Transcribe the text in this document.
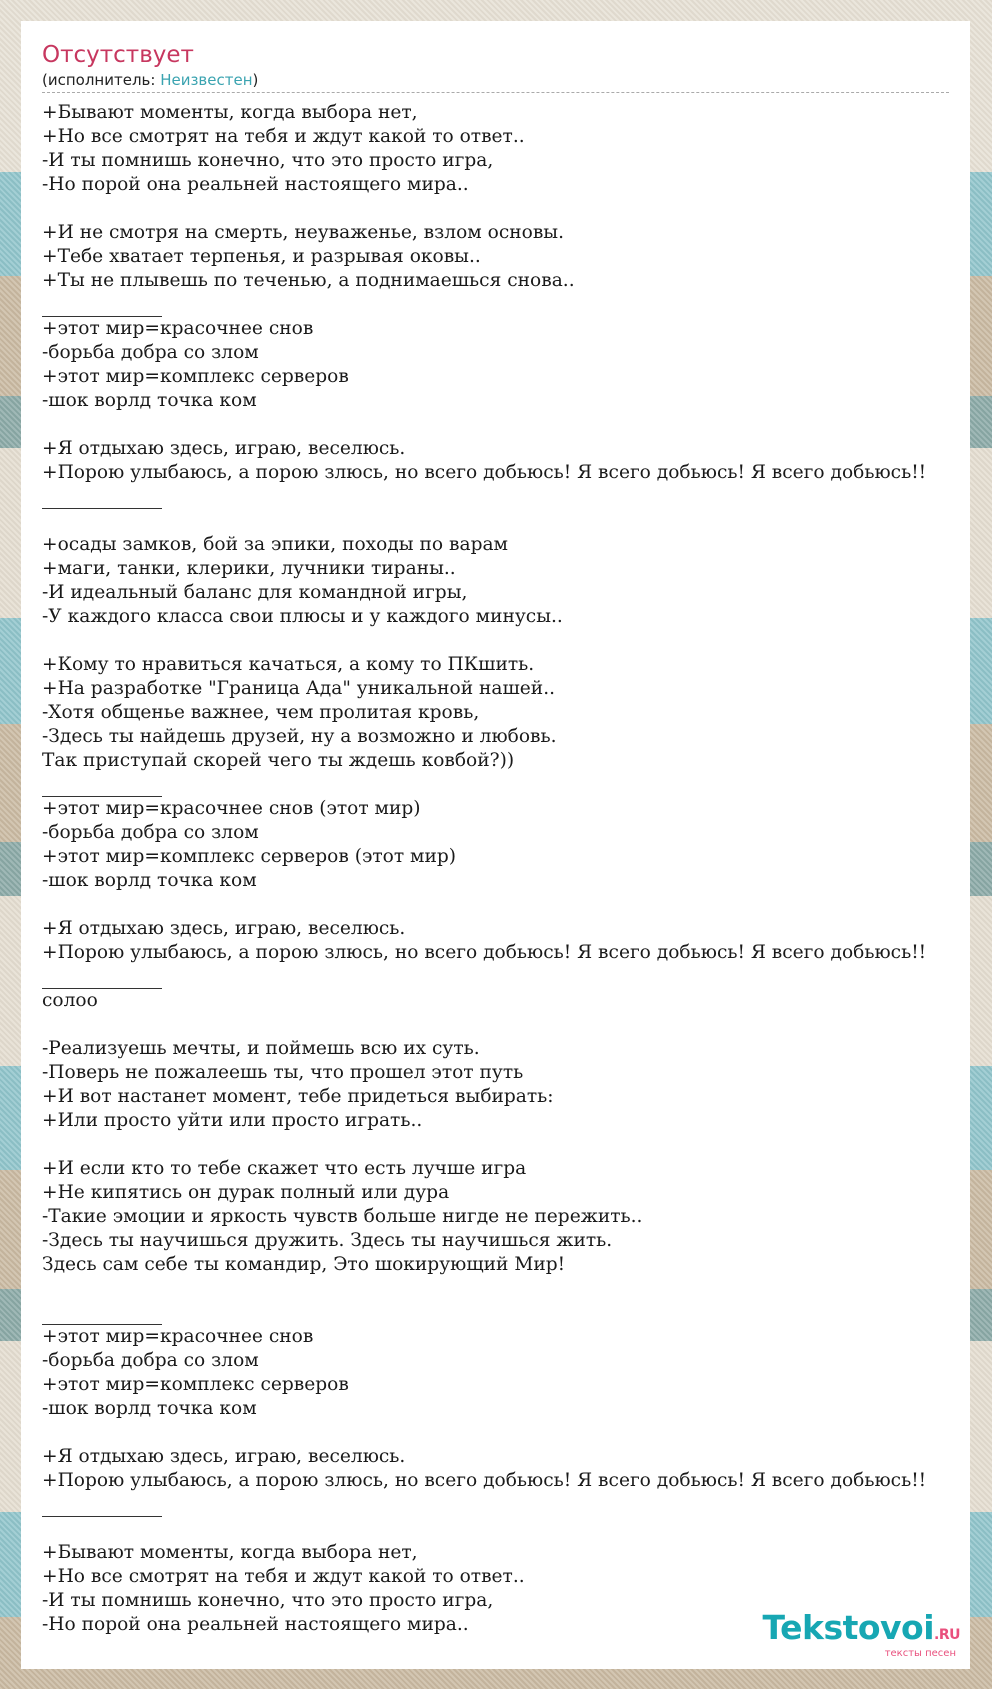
Отсутствует
(исполнитель: Неизвестен)
+Бывают моменты, когда выбора нет,
+Но все смотрят на тебя и ждут какой то ответ..
-И ты помнишь конечно, что это просто игра,
-Но порой она реальней настоящего мира..
+И не смотря на смерть, неуваженье, взлом основы.
+Тебе хватает терпенья, и разрывая оковы..
+Ты не плывешь по теченью, а поднимаешься снова..
+этот мир=красочнее снов
-борьба добра со злом
+этот мир=комплекс серверов
-шок ворлд точка ком
+Я отдыхаю здесь, играю, веселюсь.
+Порою улыбаюсь, а порою злюсь, но всего добьюсь! Я всего добьюсь! Я всего добьюсь!!
+осады замков, бой за эпики, походы по варам
+маги, танки, клерики, лучники тираны..
-И идеальный баланс для командной игры,
-У каждого класса свои плюсы и у каждого минусы..
+Кому то нравиться качаться, а кому то ПКшить.
+На разработке "Граница Ада" уникальной нашей..
-Хотя общенье важнее, чем пролитая кровь,
-Здесь ты найдешь друзей, ну а возможно и любовь.
Так приступай скорей чего ты ждешь ковбой?))
+этот мир=красочнее снов (этот мир)
-борьба добра со злом
+этот мир=комплекс серверов (этот мир)
-шок ворлд точка ком
+Я отдыхаю здесь, играю, веселюсь.
+Порою улыбаюсь, а порою злюсь, но всего добьюсь! Я всего добьюсь! Я всего добьюсь!!
солоо
-Реализуешь мечты, и поймешь всю их суть.
-Поверь не пожалеешь ты, что прошел этот путь
+И вот настанет момент, тебе придеться выбирать:
+Или просто уйти или просто играть..
+И если кто то тебе скажет что есть лучше игра
+Не кипятись он дурак полный или дура
-Такие эмоции и яркость чувств больше нигде не пережить..
-Здесь ты научишься дружить. Здесь ты научишься жить.
Здесь сам себе ты командир, Это шокирующий Мир!
+этот мир=красочнее снов
-борьба добра со злом
+этот мир=комплекс серверов
-шок ворлд точка ком
+Я отдыхаю здесь, играю, веселюсь.
+Порою улыбаюсь, а порою злюсь, но всего добьюсь! Я всего добьюсь! Я всего добьюсь!!
+Бывают моменты, когда выбора нет,
+Но все смотрят на тебя и ждут какой то ответ..
-И ты помнишь конечно, что это просто игра,
-Но порой она реальней настоящего мира..	Tekstovoi.RU
тексты песен
